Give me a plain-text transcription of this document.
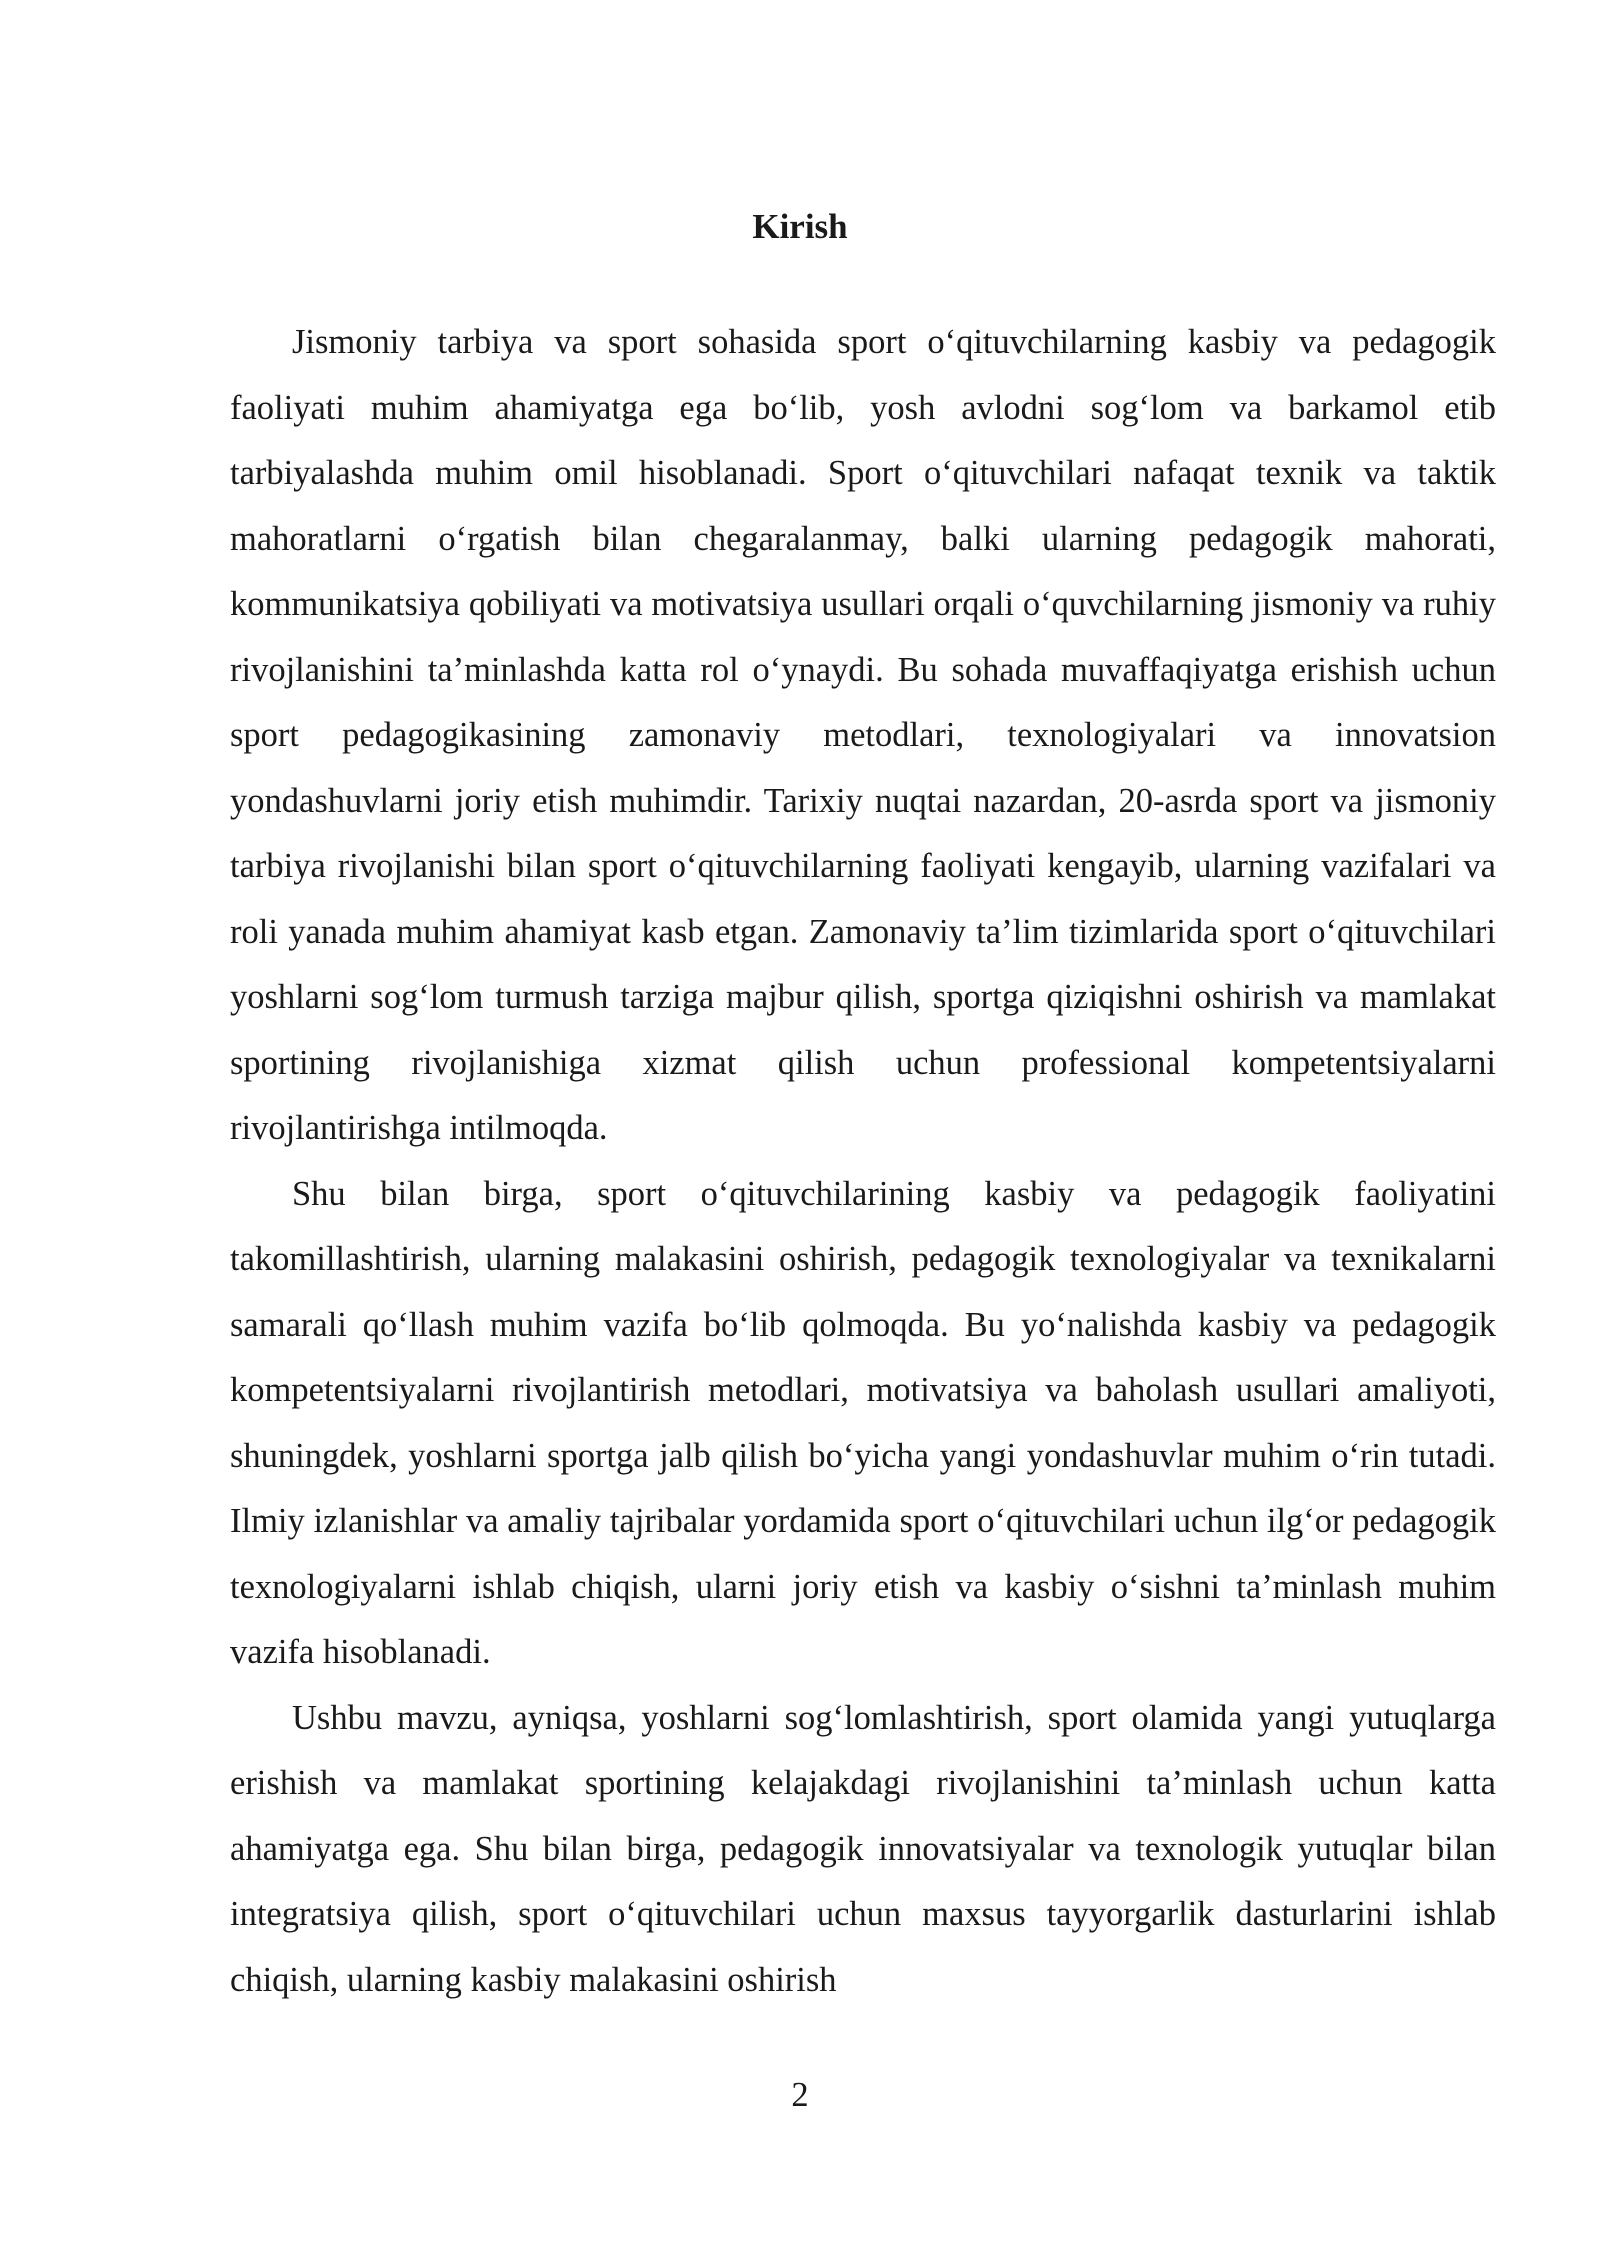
Kirish

Jismoniy tarbiya va sport sohasida sport o‘qituvchilarning kasbiy va pedagogik faoliyati muhim ahamiyatga ega bo‘lib, yosh avlodni sog‘lom va barkamol etib tarbiyalashda muhim omil hisoblanadi. Sport o‘qituvchilari nafaqat texnik va taktik mahoratlarni o‘rgatish bilan chegaralanmay, balki ularning pedagogik mahorati, kommunikatsiya qobiliyati va motivatsiya usullari orqali o‘quvchilarning jismoniy va ruhiy rivojlanishini ta’minlashda katta rol o‘ynaydi. Bu sohada muvaffaqiyatga erishish uchun sport pedagogikasining zamonaviy metodlari, texnologiyalari va innovatsion yondashuvlarni joriy etish muhimdir. Tarixiy nuqtai nazardan, 20-asrda sport va jismoniy tarbiya rivojlanishi bilan sport o‘qituvchilarning faoliyati kengayib, ularning vazifalari va roli yanada muhim ahamiyat kasb etgan. Zamonaviy ta’lim tizimlarida sport o‘qituvchilari yoshlarni sog‘lom turmush tarziga majbur qilish, sportga qiziqishni oshirish va mamlakat sportining rivojlanishiga xizmat qilish uchun professional kompetentsiyalarni rivojlantirishga intilmoqda.

Shu bilan birga, sport o‘qituvchilarining kasbiy va pedagogik faoliyatini takomillashtirish, ularning malakasini oshirish, pedagogik texnologiyalar va texnikalarni samarali qo‘llash muhim vazifa bo‘lib qolmoqda. Bu yo‘nalishda kasbiy va pedagogik kompetentsiyalarni rivojlantirish metodlari, motivatsiya va baholash usullari amaliyoti, shuningdek, yoshlarni sportga jalb qilish bo‘yicha yangi yondashuvlar muhim o‘rin tutadi. Ilmiy izlanishlar va amaliy tajribalar yordamida sport o‘qituvchilari uchun ilg‘or pedagogik texnologiyalarni ishlab chiqish, ularni joriy etish va kasbiy o‘sishni ta’minlash muhim vazifa hisoblanadi.

Ushbu mavzu, ayniqsa, yoshlarni sog‘lomlashtirish, sport olamida yangi yutuqlarga erishish va mamlakat sportining kelajakdagi rivojlanishini ta’minlash uchun katta ahamiyatga ega. Shu bilan birga, pedagogik innovatsiyalar va texnologik yutuqlar bilan integratsiya qilish, sport o‘qituvchilari uchun maxsus tayyorgarlik dasturlarini ishlab chiqish, ularning kasbiy malakasini oshirish

2
